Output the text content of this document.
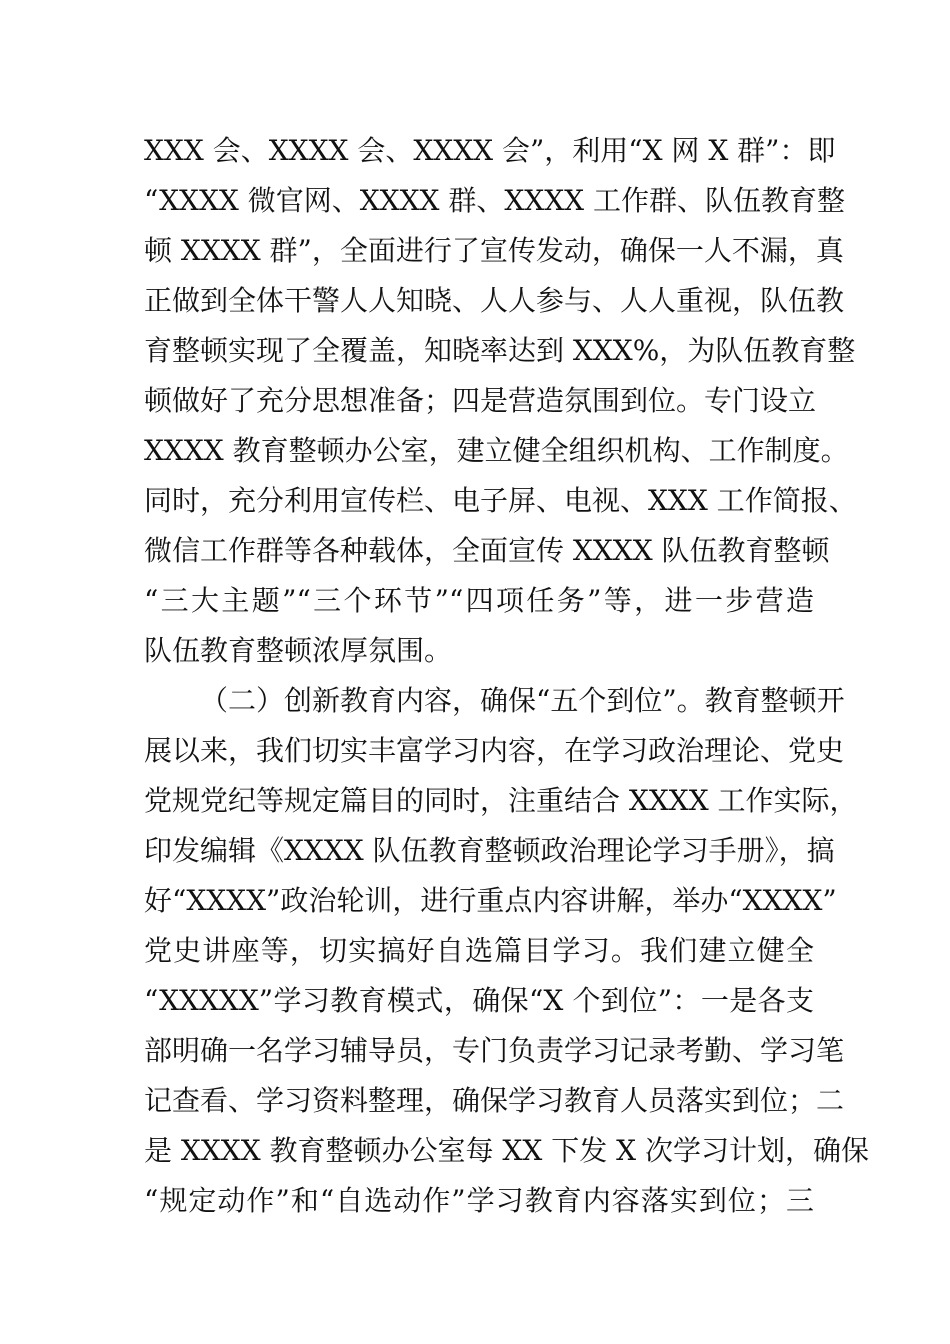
XXX 会、XXXX 会、XXXX 会”，利用“X 网 X 群”：即
“XXXX 微官网、XXXX 群、XXXX 工作群、队伍教育整
顿 XXXX 群”，全面进行了宣传发动，确保一人不漏，真
正做到全体干警人人知晓、人人参与、人人重视，队伍教
育整顿实现了全覆盖，知晓率达到 XXX%，为队伍教育整
顿做好了充分思想准备；四是营造氛围到位。专门设立
XXXX 教育整顿办公室，建立健全组织机构、工作制度。
同时，充分利用宣传栏、电子屏、电视、XXX 工作简报、
微信工作群等各种载体，全面宣传 XXXX 队伍教育整顿
“三大主题”“三个环节”“四项任务”等，进一步营造
队伍教育整顿浓厚氛围。
（二）创新教育内容，确保“五个到位”。教育整顿开
展以来，我们切实丰富学习内容，在学习政治理论、党史
党规党纪等规定篇目的同时，注重结合 XXXX 工作实际，
印发编辑《XXXX 队伍教育整顿政治理论学习手册》，搞
好“XXXX”政治轮训，进行重点内容讲解，举办“XXXX”
党史讲座等，切实搞好自选篇目学习。我们建立健全
“XXXXX”学习教育模式，确保“X 个到位”：一是各支
部明确一名学习辅导员，专门负责学习记录考勤、学习笔
记查看、学习资料整理，确保学习教育人员落实到位；二
是 XXXX 教育整顿办公室每 XX 下发 X 次学习计划，确保
“规定动作”和“自选动作”学习教育内容落实到位；三
